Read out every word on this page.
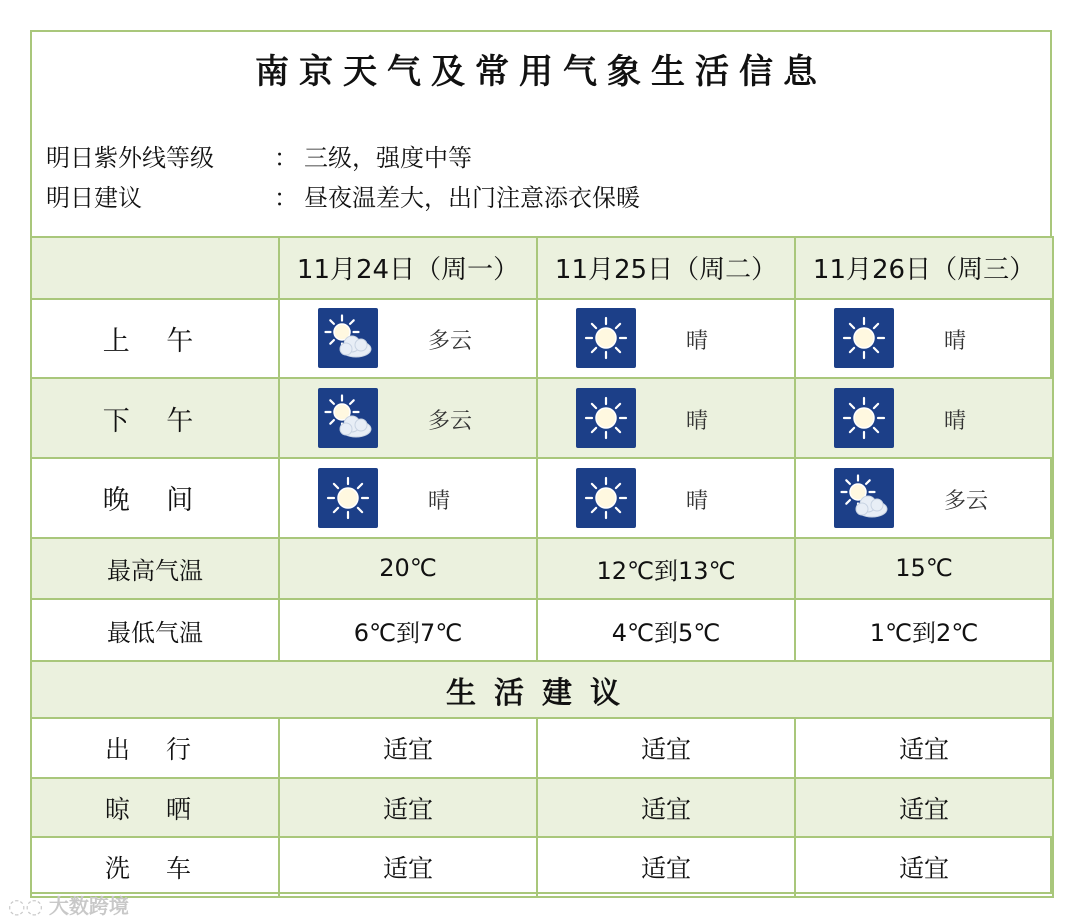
南京天气及常用气象生活信息
明日紫外线等级	： 三级，强度中等
明日建议	： 昼夜温差大，出门注意添衣保暖
	11月24日（周一）	11月25日（周二）	11月26日（周三）
上 午	多云	晴	晴

下 午	多云	晴	晴

晚 间	晴	晴	多云

最高气温	20℃	12℃到13℃	15℃
最低气温	6℃到7℃	4℃到5℃	1℃到2℃
生活建议			
出 行	适宜	适宜	适宜
晾 晒	适宜	适宜	适宜
洗 车	适宜	适宜	适宜
◌◌ 大数跨境
